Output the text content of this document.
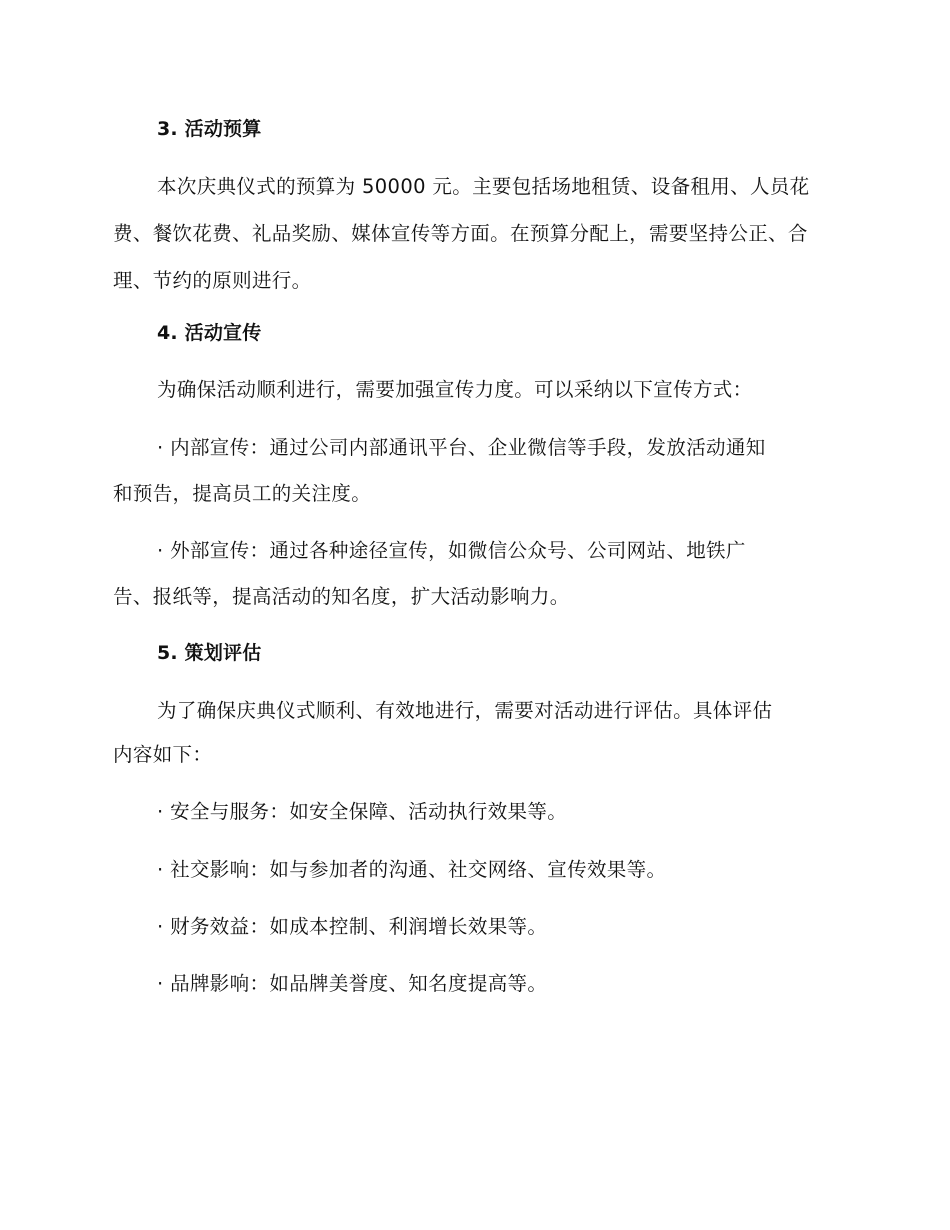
3. 活动预算

本次庆典仪式的预算为 50000 元。主要包括场地租赁、设备租用、人员花费、餐饮花费、礼品奖励、媒体宣传等方面。在预算分配上，需要坚持公正、合理、节约的原则进行。

4. 活动宣传
为确保活动顺利进行，需要加强宣传力度。可以采纳以下宣传方式：
· 内部宣传：通过公司内部通讯平台、企业微信等手段，发放活动通知
和预告，提高员工的关注度。
· 外部宣传：通过各种途径宣传，如微信公众号、公司网站、地铁广
告、报纸等，提高活动的知名度，扩大活动影响力。
5. 策划评估
为了确保庆典仪式顺利、有效地进行，需要对活动进行评估。具体评估
内容如下：
· 安全与服务：如安全保障、活动执行效果等。
· 社交影响：如与参加者的沟通、社交网络、宣传效果等。
· 财务效益：如成本控制、利润增长效果等。
· 品牌影响：如品牌美誉度、知名度提高等。
